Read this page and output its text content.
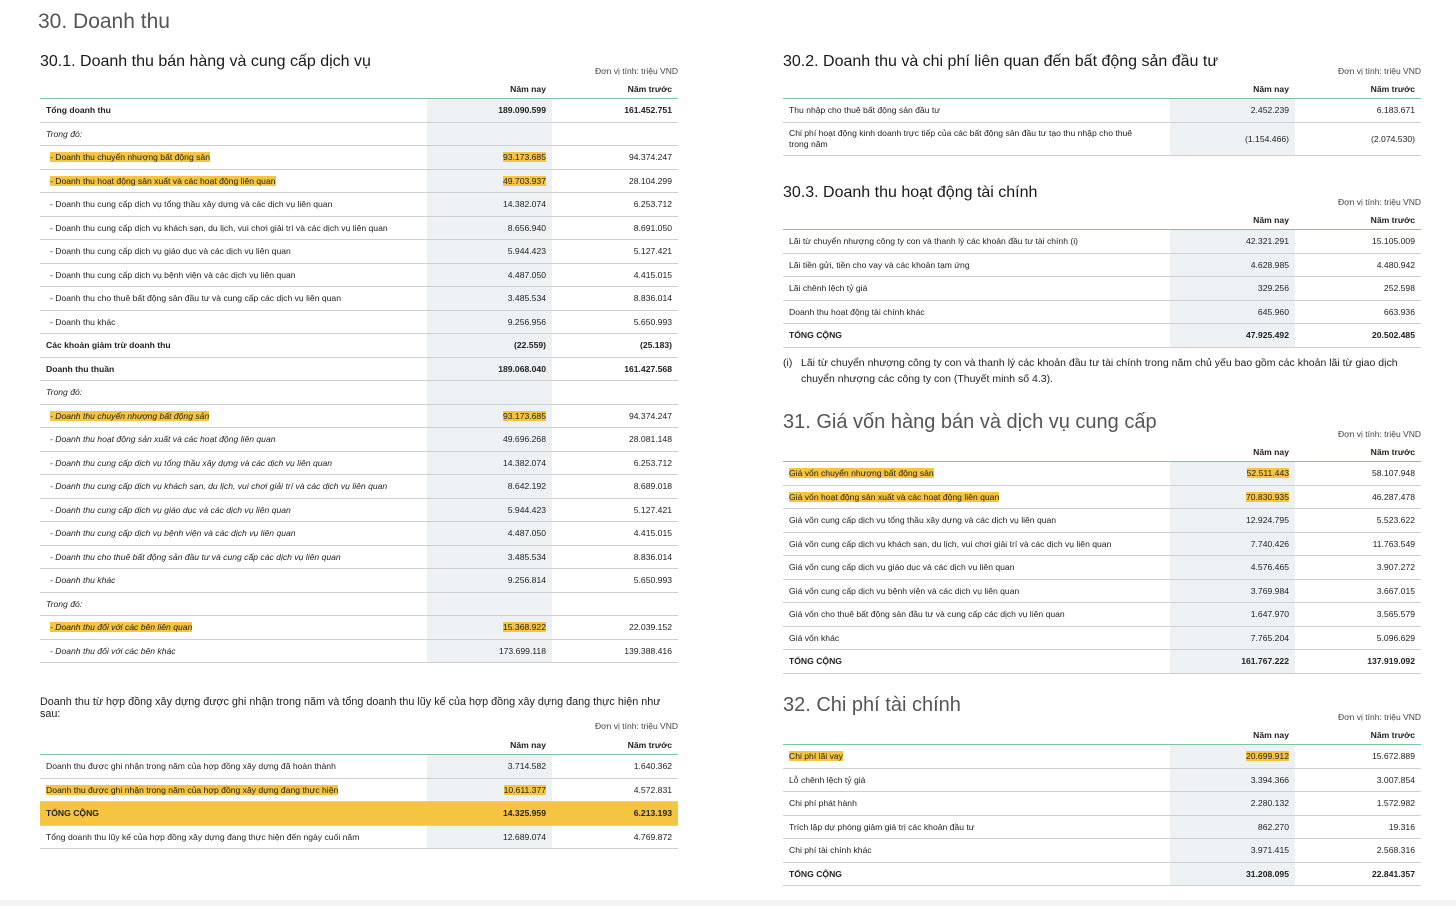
30. Doanh thu
30.1. Doanh thu bán hàng và cung cấp dịch vụ
Đơn vị tính: triệu VND
	Năm nay	Năm trước
Tổng doanh thu	189.090.599	161.452.751
Trong đó:		
- Doanh thu chuyển nhượng bất động sản	93.173.685	94.374.247
- Doanh thu hoạt động sản xuất và các hoạt động liên quan	49.703.937	28.104.299
- Doanh thu cung cấp dịch vụ tổng thầu xây dựng và các dịch vụ liên quan	14.382.074	6.253.712
- Doanh thu cung cấp dịch vụ khách sạn, du lịch, vui chơi giải trí và các dịch vụ liên quan	8.656.940	8.691.050
- Doanh thu cung cấp dịch vụ giáo dục và các dịch vụ liên quan	5.944.423	5.127.421
- Doanh thu cung cấp dịch vụ bệnh viện và các dịch vụ liên quan	4.487.050	4.415.015
- Doanh thu cho thuê bất động sản đầu tư và cung cấp các dịch vụ liên quan	3.485.534	8.836.014
- Doanh thu khác	9.256.956	5.650.993
Các khoản giảm trừ doanh thu	(22.559)	(25.183)
Doanh thu thuần	189.068.040	161.427.568
Trong đó:		
- Doanh thu chuyển nhượng bất động sản	93.173.685	94.374.247
- Doanh thu hoạt động sản xuất và các hoạt động liên quan	49.696.268	28.081.148
- Doanh thu cung cấp dịch vụ tổng thầu xây dựng và các dịch vụ liên quan	14.382.074	6.253.712
- Doanh thu cung cấp dịch vụ khách sạn, du lịch, vui chơi giải trí và các dịch vụ liên quan	8.642.192	8.689.018
- Doanh thu cung cấp dịch vụ giáo dục và các dịch vụ liên quan	5.944.423	5.127.421
- Doanh thu cung cấp dịch vụ bệnh viện và các dịch vụ liên quan	4.487.050	4.415.015
- Doanh thu cho thuê bất động sản đầu tư và cung cấp các dịch vụ liên quan	3.485.534	8.836.014
- Doanh thu khác	9.256.814	5.650.993
Trong đó:		
- Doanh thu đối với các bên liên quan	15.368.922	22.039.152
- Doanh thu đối với các bên khác	173.699.118	139.388.416
Doanh thu từ hợp đồng xây dựng được ghi nhận trong năm và tổng doanh thu lũy kế của hợp đồng xây dựng đang thực hiện như sau:
Đơn vị tính: triệu VND
	Năm nay	Năm trước
Doanh thu được ghi nhận trong năm của hợp đồng xây dựng đã hoàn thành	3.714.582	1.640.362
Doanh thu được ghi nhận trong năm của hợp đồng xây dựng đang thực hiện	10.611.377	4.572.831
TỔNG CỘNG	14.325.959	6.213.193
Tổng doanh thu lũy kế của hợp đồng xây dựng đang thực hiện đến ngày cuối năm	12.689.074	4.769.872
30.2. Doanh thu và chi phí liên quan đến bất động sản đầu tư
Đơn vị tính: triệu VND
	Năm nay	Năm trước
Thu nhập cho thuê bất động sản đầu tư	2.452.239	6.183.671
Chi phí hoạt động kinh doanh trực tiếp của các bất động sản đầu tư tạo thu nhập cho thuê
trong năm	(1.154.466)	(2.074.530)
30.3. Doanh thu hoạt động tài chính
Đơn vị tính: triệu VND
	Năm nay	Năm trước
Lãi từ chuyển nhượng công ty con và thanh lý các khoản đầu tư tài chính (i)	42.321.291	15.105.009
Lãi tiền gửi, tiền cho vay và các khoản tạm ứng	4.628.985	4.480.942
Lãi chênh lệch tỷ giá	329.256	252.598
Doanh thu hoạt động tài chính khác	645.960	663.936
TỔNG CỘNG	47.925.492	20.502.485
(i) Lãi từ chuyển nhượng công ty con và thanh lý các khoản đầu tư tài chính trong năm chủ yếu bao gồm các khoản lãi từ giao dịch chuyển nhượng các công ty con (Thuyết minh số 4.3).
31. Giá vốn hàng bán và dịch vụ cung cấp
Đơn vị tính: triệu VND
	Năm nay	Năm trước
Giá vốn chuyển nhượng bất động sản	52.511.443	58.107.948
Giá vốn hoạt động sản xuất và các hoạt động liên quan	70.830.935	46.287.478
Giá vốn cung cấp dịch vụ tổng thầu xây dựng và các dịch vụ liên quan	12.924.795	5.523.622
Giá vốn cung cấp dịch vụ khách sạn, du lịch, vui chơi giải trí và các dịch vụ liên quan	7.740.426	11.763.549
Giá vốn cung cấp dịch vụ giáo dục và các dịch vụ liên quan	4.576.465	3.907.272
Giá vốn cung cấp dịch vụ bệnh viện và các dịch vụ liên quan	3.769.984	3.667.015
Giá vốn cho thuê bất động sản đầu tư và cung cấp các dịch vụ liên quan	1.647.970	3.565.579
Giá vốn khác	7.765.204	5.096.629
TỔNG CỘNG	161.767.222	137.919.092
32. Chi phí tài chính
Đơn vị tính: triệu VND
	Năm nay	Năm trước
Chi phí lãi vay	20.699.912	15.672.889
Lỗ chênh lệch tỷ giá	3.394.366	3.007.854
Chi phí phát hành	2.280.132	1.572.982
Trích lập dự phòng giảm giá trị các khoản đầu tư	862.270	19.316
Chi phí tài chính khác	3.971.415	2.568.316
TỔNG CỘNG	31.208.095	22.841.357
